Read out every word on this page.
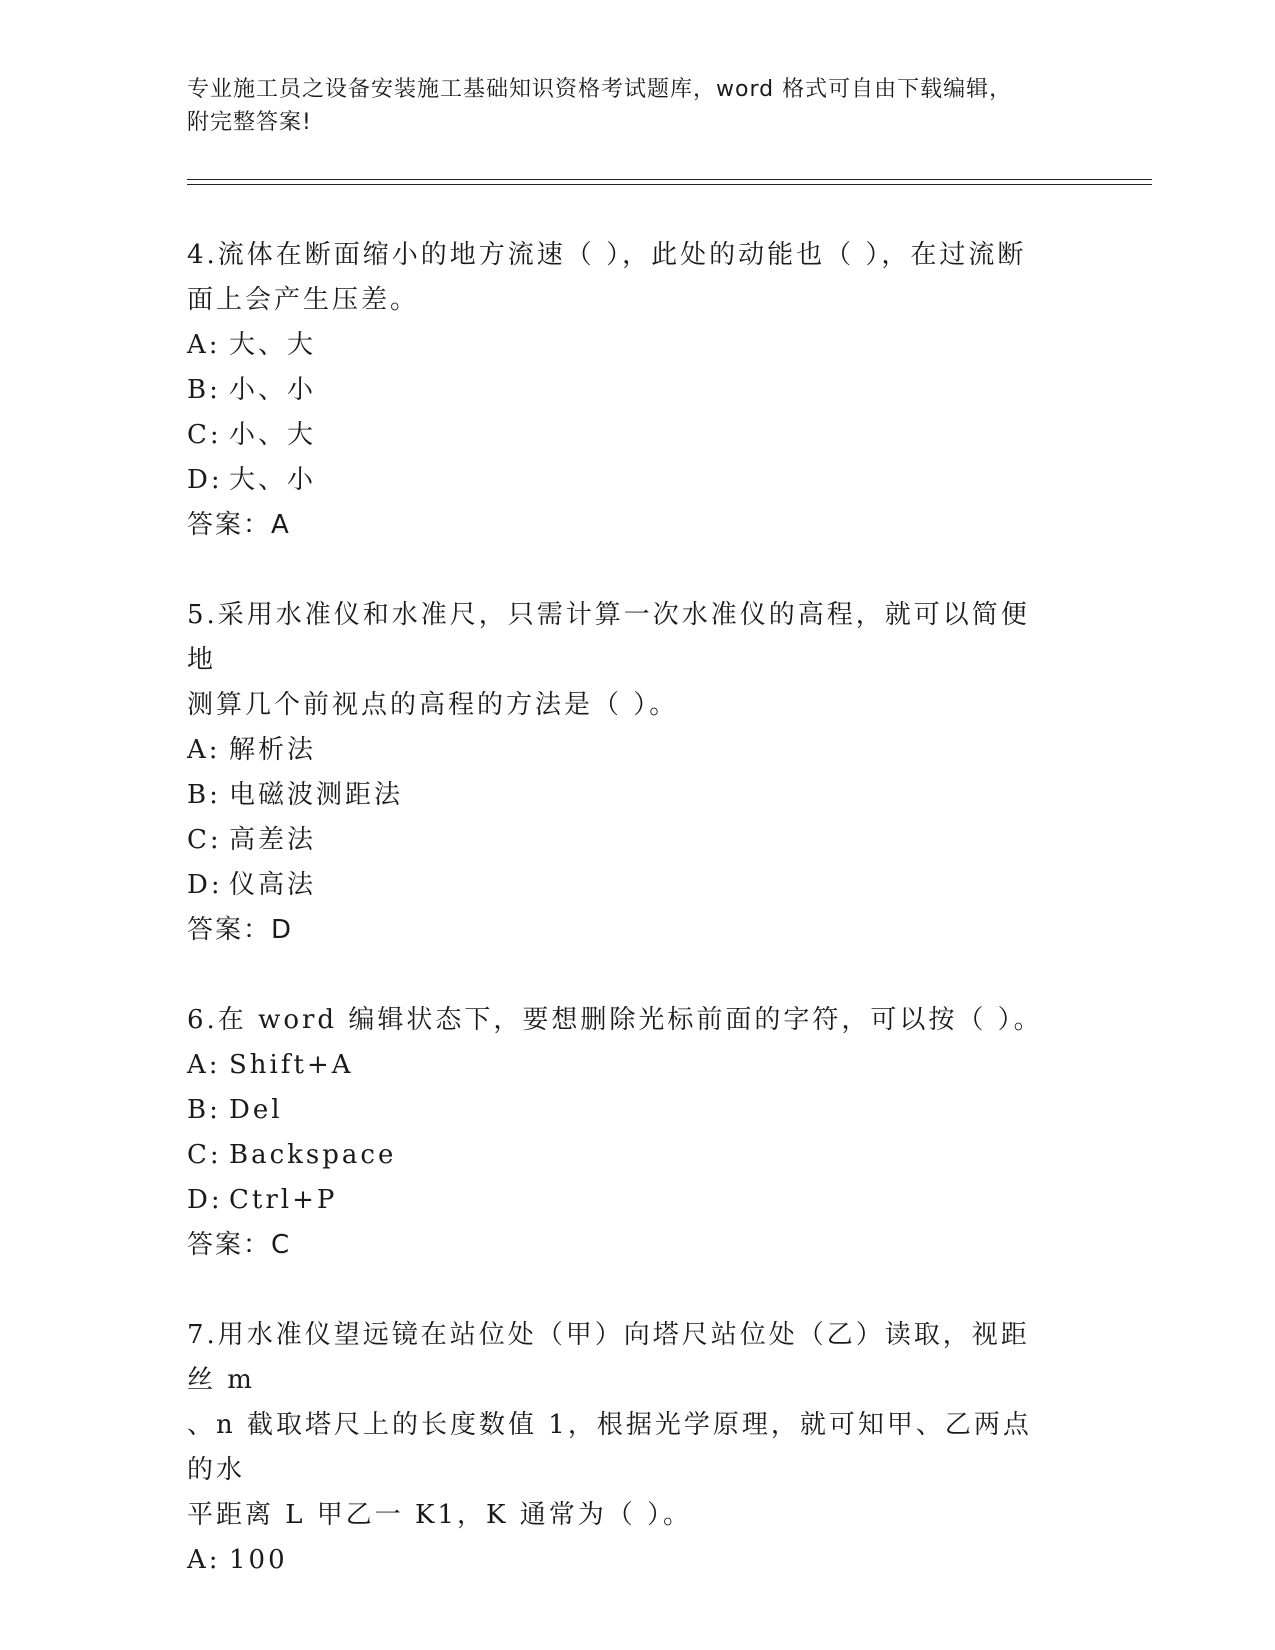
专业施工员之设备安装施工基础知识资格考试题库，word 格式可自由下载编辑，
附完整答案!

4.流体在断面缩小的地方流速（ ），此处的动能也（ ），在过流断
面上会产生压差。

A: 大、大

B: 小、小

C: 小、大

D: 大、小

答案：A

5.采用水准仪和水准尺，只需计算一次水准仪的高程，就可以简便地
测算几个前视点的高程的方法是（ ）。

A: 解析法

B: 电磁波测距法

C: 高差法

D: 仪高法

答案：D

6.在 word 编辑状态下，要想删除光标前面的字符，可以按（ ）。

A: Shift+A

B: Del

C: Backspace

D: Ctrl+P

答案：C

7.用水准仪望远镜在站位处（甲）向塔尺站位处（乙）读取，视距丝 m
、n 截取塔尺上的长度数值 1，根据光学原理，就可知甲、乙两点的水
平距离 L 甲乙一 K1，K 通常为（ ）。

A: 100
